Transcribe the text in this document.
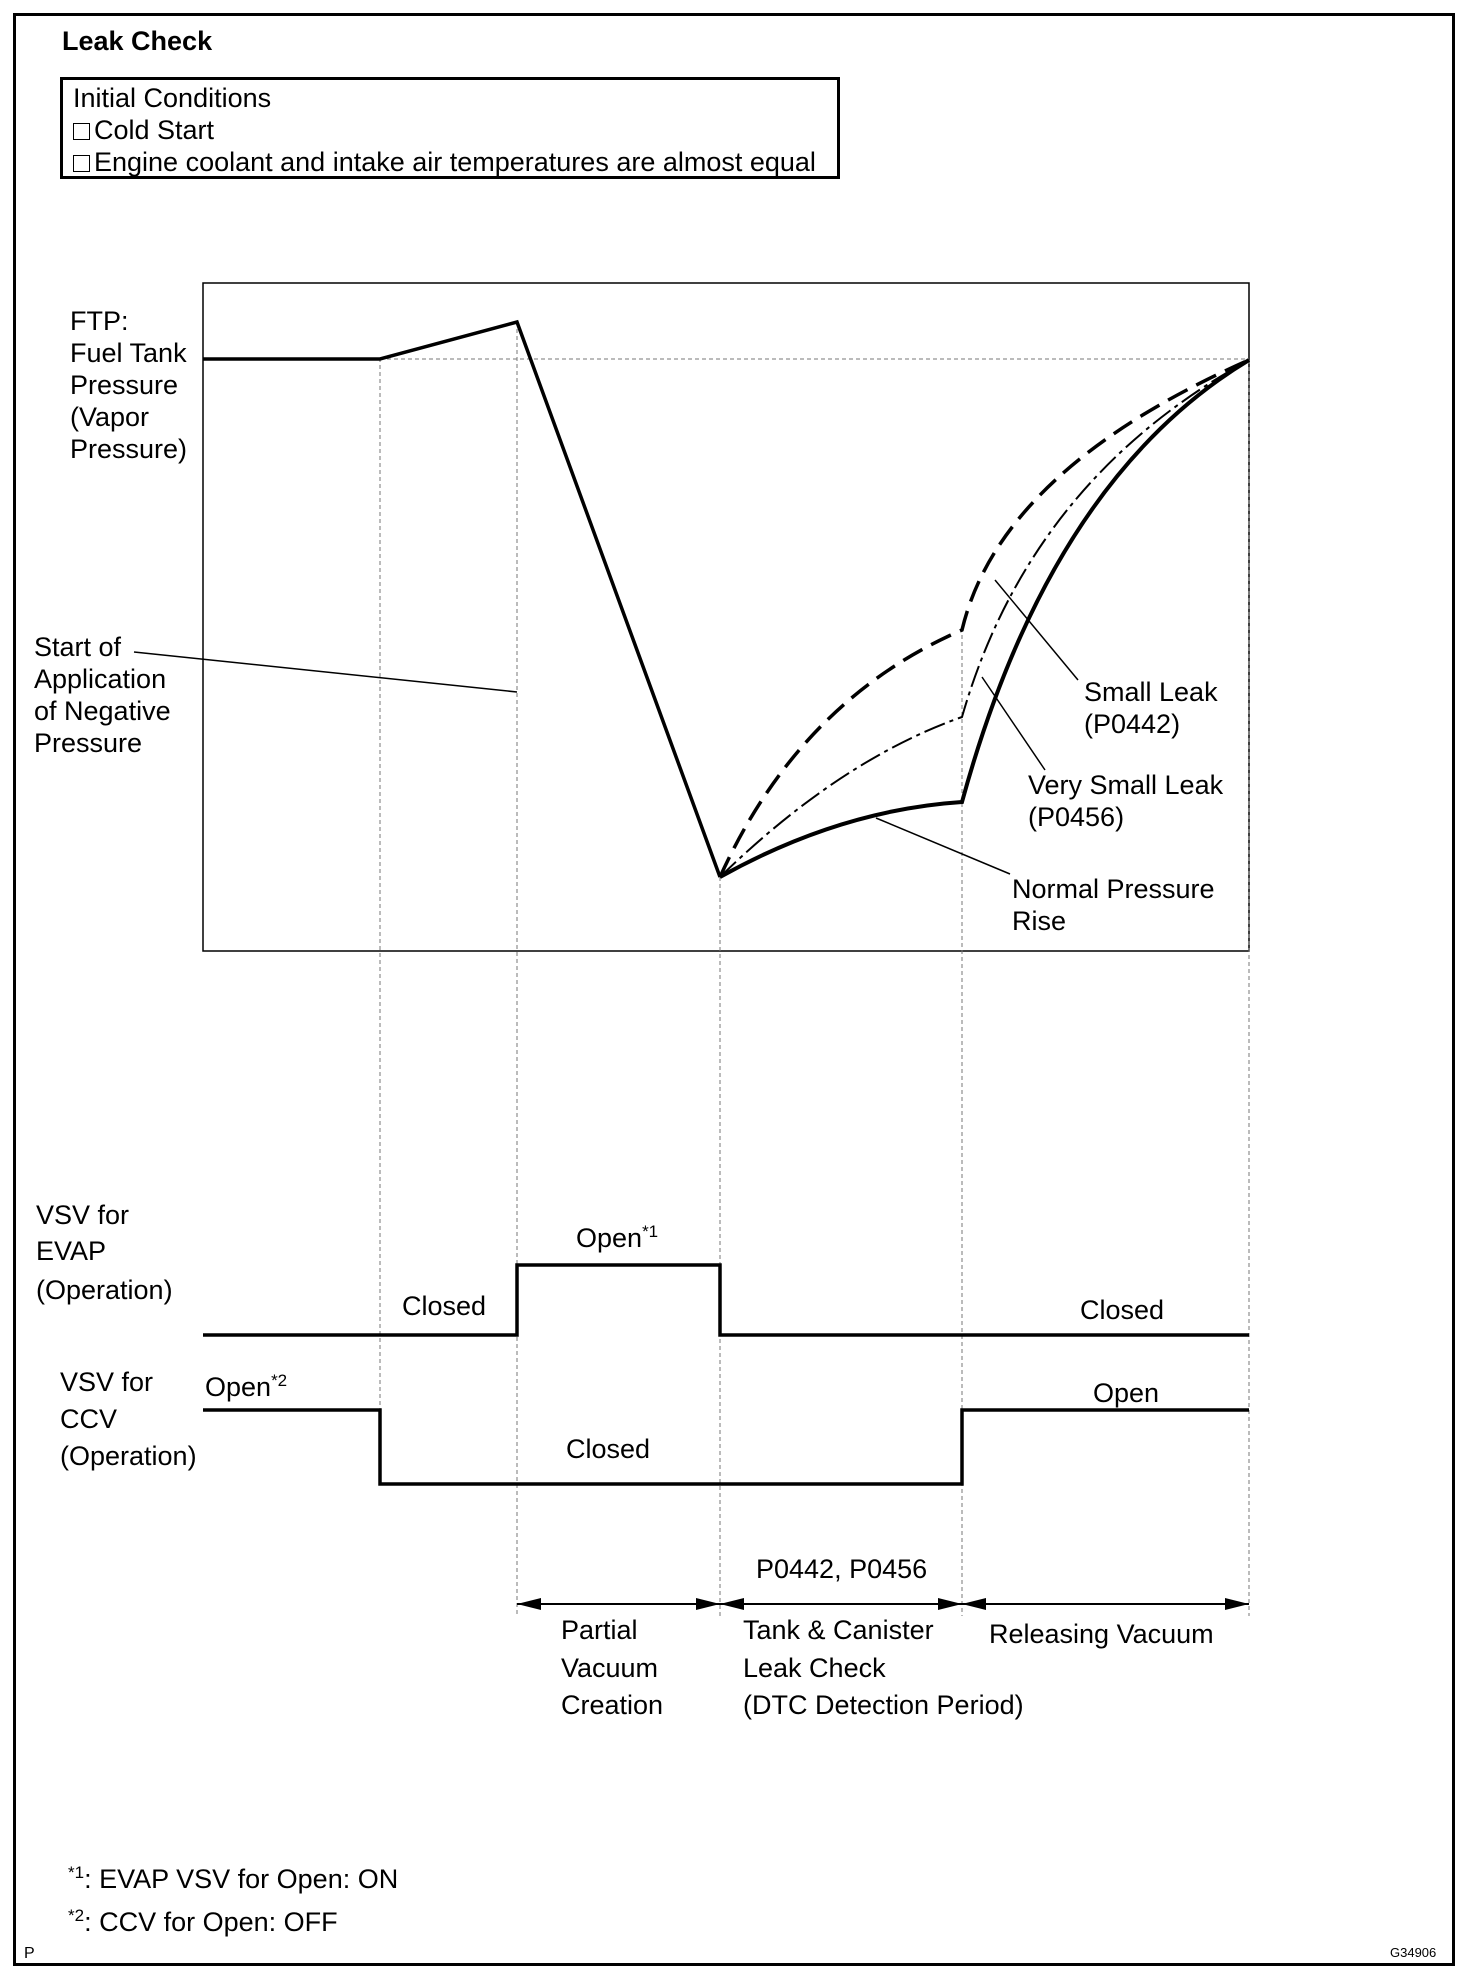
Leak Check
Initial Conditions
Cold Start
Engine coolant and intake air temperatures are almost equal
FTP:
Fuel Tank
Pressure
(Vapor
Pressure)
Start of
Application
of Negative
Pressure
Small Leak
(P0442)
Very Small Leak
(P0456)
Normal Pressure
Rise
VSV for
EVAP
(Operation)
Closed
Open$^{*1}$
Closed
VSV for
CCV
(Operation)
Open$^{*2}$
Closed
Open
P0442, P0456
Partial
Vacuum
Creation
Tank & Canister
Leak Check
(DTC Detection Period)
Releasing Vacuum
$^{*1}$: EVAP VSV for Open: ON
$^{*2}$: CCV for Open: OFF
P	G34906
